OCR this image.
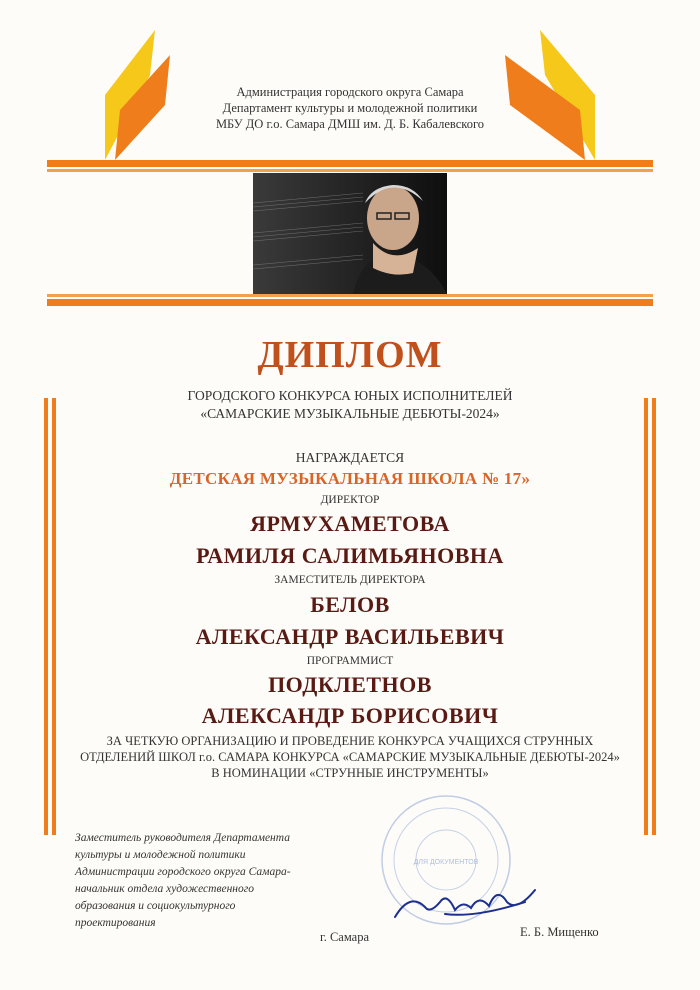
Администрация городского округа Самара
Департамент культуры и молодежной политики
МБУ ДО г.о. Самара ДМШ им. Д. Б. Кабалевского
ДИПЛОМ
ГОРОДСКОГО КОНКУРСА ЮНЫХ ИСПОЛНИТЕЛЕЙ
«САМАРСКИЕ МУЗЫКАЛЬНЫЕ ДЕБЮТЫ-2024»
НАГРАЖДАЕТСЯ
ДЕТСКАЯ МУЗЫКАЛЬНАЯ ШКОЛА № 17»
ДИРЕКТОР
ЯРМУХАМЕТОВА
РАМИЛЯ САЛИМЬЯНОВНА
ЗАМЕСТИТЕЛЬ ДИРЕКТОРА
БЕЛОВ
АЛЕКСАНДР ВАСИЛЬЕВИЧ
ПРОГРАММИСТ
ПОДКЛЕТНОВ
АЛЕКСАНДР БОРИСОВИЧ
ЗА ЧЕТКУЮ ОРГАНИЗАЦИЮ И ПРОВЕДЕНИЕ КОНКУРСА УЧАЩИХСЯ СТРУННЫХ
ОТДЕЛЕНИЙ ШКОЛ г.о. САМАРА КОНКУРСА «САМАРСКИЕ МУЗЫКАЛЬНЫЕ ДЕБЮТЫ-2024»
В НОМИНАЦИИ «СТРУННЫЕ ИНСТРУМЕНТЫ»
ДЛЯ ДОКУМЕНТОВ
Заместитель руководителя Департамента
культуры и молодежной политики
Администрации городского округа Самара-
начальник отдела художественного
образования и социокультурного
проектирования
г. Самара	Е. Б. Мищенко
